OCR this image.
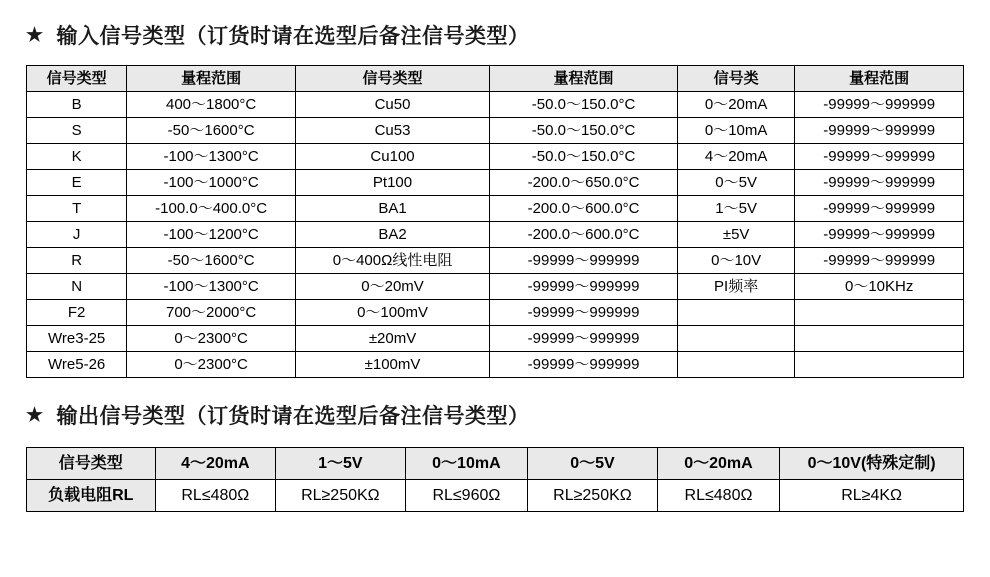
★ 输入信号类型（订货时请在选型后备注信号类型）
信号类型	量程范围	信号类型	量程范围	信号类	量程范围
B	400～1800°C	Cu50	-50.0～150.0°C	0～20mA	-99999～999999
S	-50～1600°C	Cu53	-50.0～150.0°C	0～10mA	-99999～999999
K	-100～1300°C	Cu100	-50.0～150.0°C	4～20mA	-99999～999999
E	-100～1000°C	Pt100	-200.0～650.0°C	0～5V	-99999～999999
T	-100.0～400.0°C	BA1	-200.0～600.0°C	1～5V	-99999～999999
J	-100～1200°C	BA2	-200.0～600.0°C	±5V	-99999～999999
R	-50～1600°C	0～400Ω线性电阻	-99999～999999	0～10V	-99999～999999
N	-100～1300°C	0～20mV	-99999～999999	PI频率	0～10KHz
F2	700～2000°C	0～100mV	-99999～999999		
Wre3-25	0～2300°C	±20mV	-99999～999999		
Wre5-26	0～2300°C	±100mV	-99999～999999		
★ 输出信号类型（订货时请在选型后备注信号类型）
信号类型	4～20mA	1～5V	0～10mA	0～5V	0～20mA	0～10V(特殊定制)
负载电阻RL	RL≤480Ω	RL≥250KΩ	RL≤960Ω	RL≥250KΩ	RL≤480Ω	RL≥4KΩ
